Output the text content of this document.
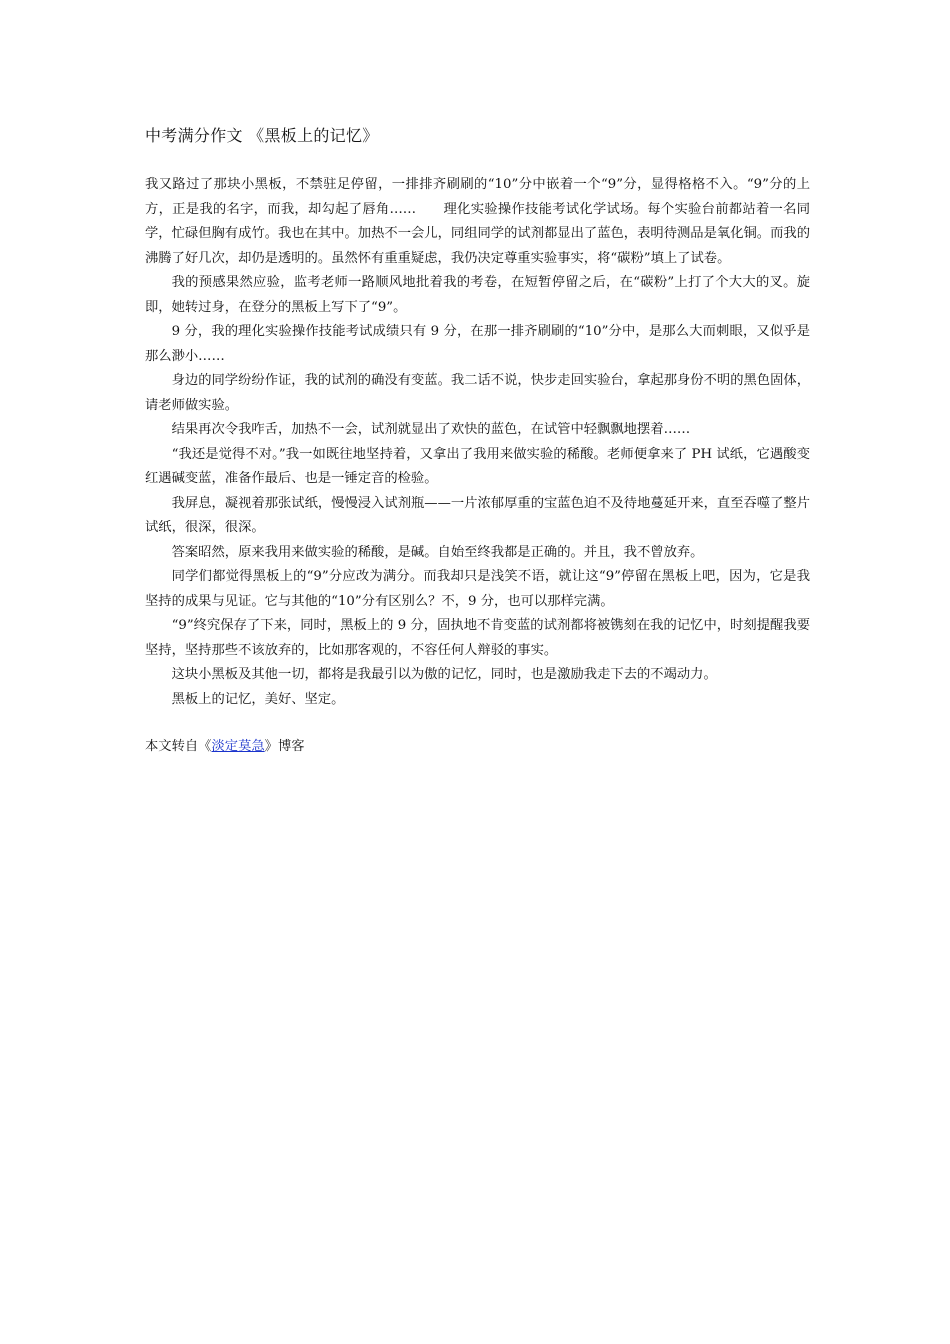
中考满分作文 《黑板上的记忆》

我又路过了那块小黑板，不禁驻足停留，一排排齐刷刷的“10”分中嵌着一个“9”分，显得格格不入。“9”分的上方，正是我的名字，而我，却勾起了唇角……　　理化实验操作技能考试化学试场。每个实验台前都站着一名同学，忙碌但胸有成竹。我也在其中。加热不一会儿，同组同学的试剂都显出了蓝色，表明待测品是氧化铜。而我的沸腾了好几次，却仍是透明的。虽然怀有重重疑虑，我仍决定尊重实验事实，将“碳粉”填上了试卷。

我的预感果然应验，监考老师一路顺风地批着我的考卷，在短暂停留之后，在“碳粉”上打了个大大的叉。旋即，她转过身，在登分的黑板上写下了“9”。

9 分，我的理化实验操作技能考试成绩只有 9 分，在那一排齐刷刷的“10”分中，是那么大而刺眼，又似乎是那么渺小……

身边的同学纷纷作证，我的试剂的确没有变蓝。我二话不说，快步走回实验台，拿起那身份不明的黑色固体，请老师做实验。

结果再次令我咋舌，加热不一会，试剂就显出了欢快的蓝色，在试管中轻飘飘地摆着……

“我还是觉得不对。”我一如既往地坚持着，又拿出了我用来做实验的稀酸。老师便拿来了 PH 试纸，它遇酸变红遇碱变蓝，准备作最后、也是一锤定音的检验。

我屏息，凝视着那张试纸，慢慢浸入试剂瓶——一片浓郁厚重的宝蓝色迫不及待地蔓延开来，直至吞噬了整片试纸，很深，很深。

答案昭然，原来我用来做实验的稀酸，是碱。自始至终我都是正确的。并且，我不曾放弃。

同学们都觉得黑板上的“9”分应改为满分。而我却只是浅笑不语，就让这“9”停留在黑板上吧，因为，它是我坚持的成果与见证。它与其他的“10”分有区别么？不，9 分，也可以那样完满。

“9”终究保存了下来，同时，黑板上的 9 分，固执地不肯变蓝的试剂都将被镌刻在我的记忆中，时刻提醒我要坚持，坚持那些不该放弃的，比如那客观的，不容任何人辩驳的事实。

这块小黑板及其他一切，都将是我最引以为傲的记忆，同时，也是激励我走下去的不竭动力。

黑板上的记忆，美好、坚定。

本文转自《淡定莫急》博客
